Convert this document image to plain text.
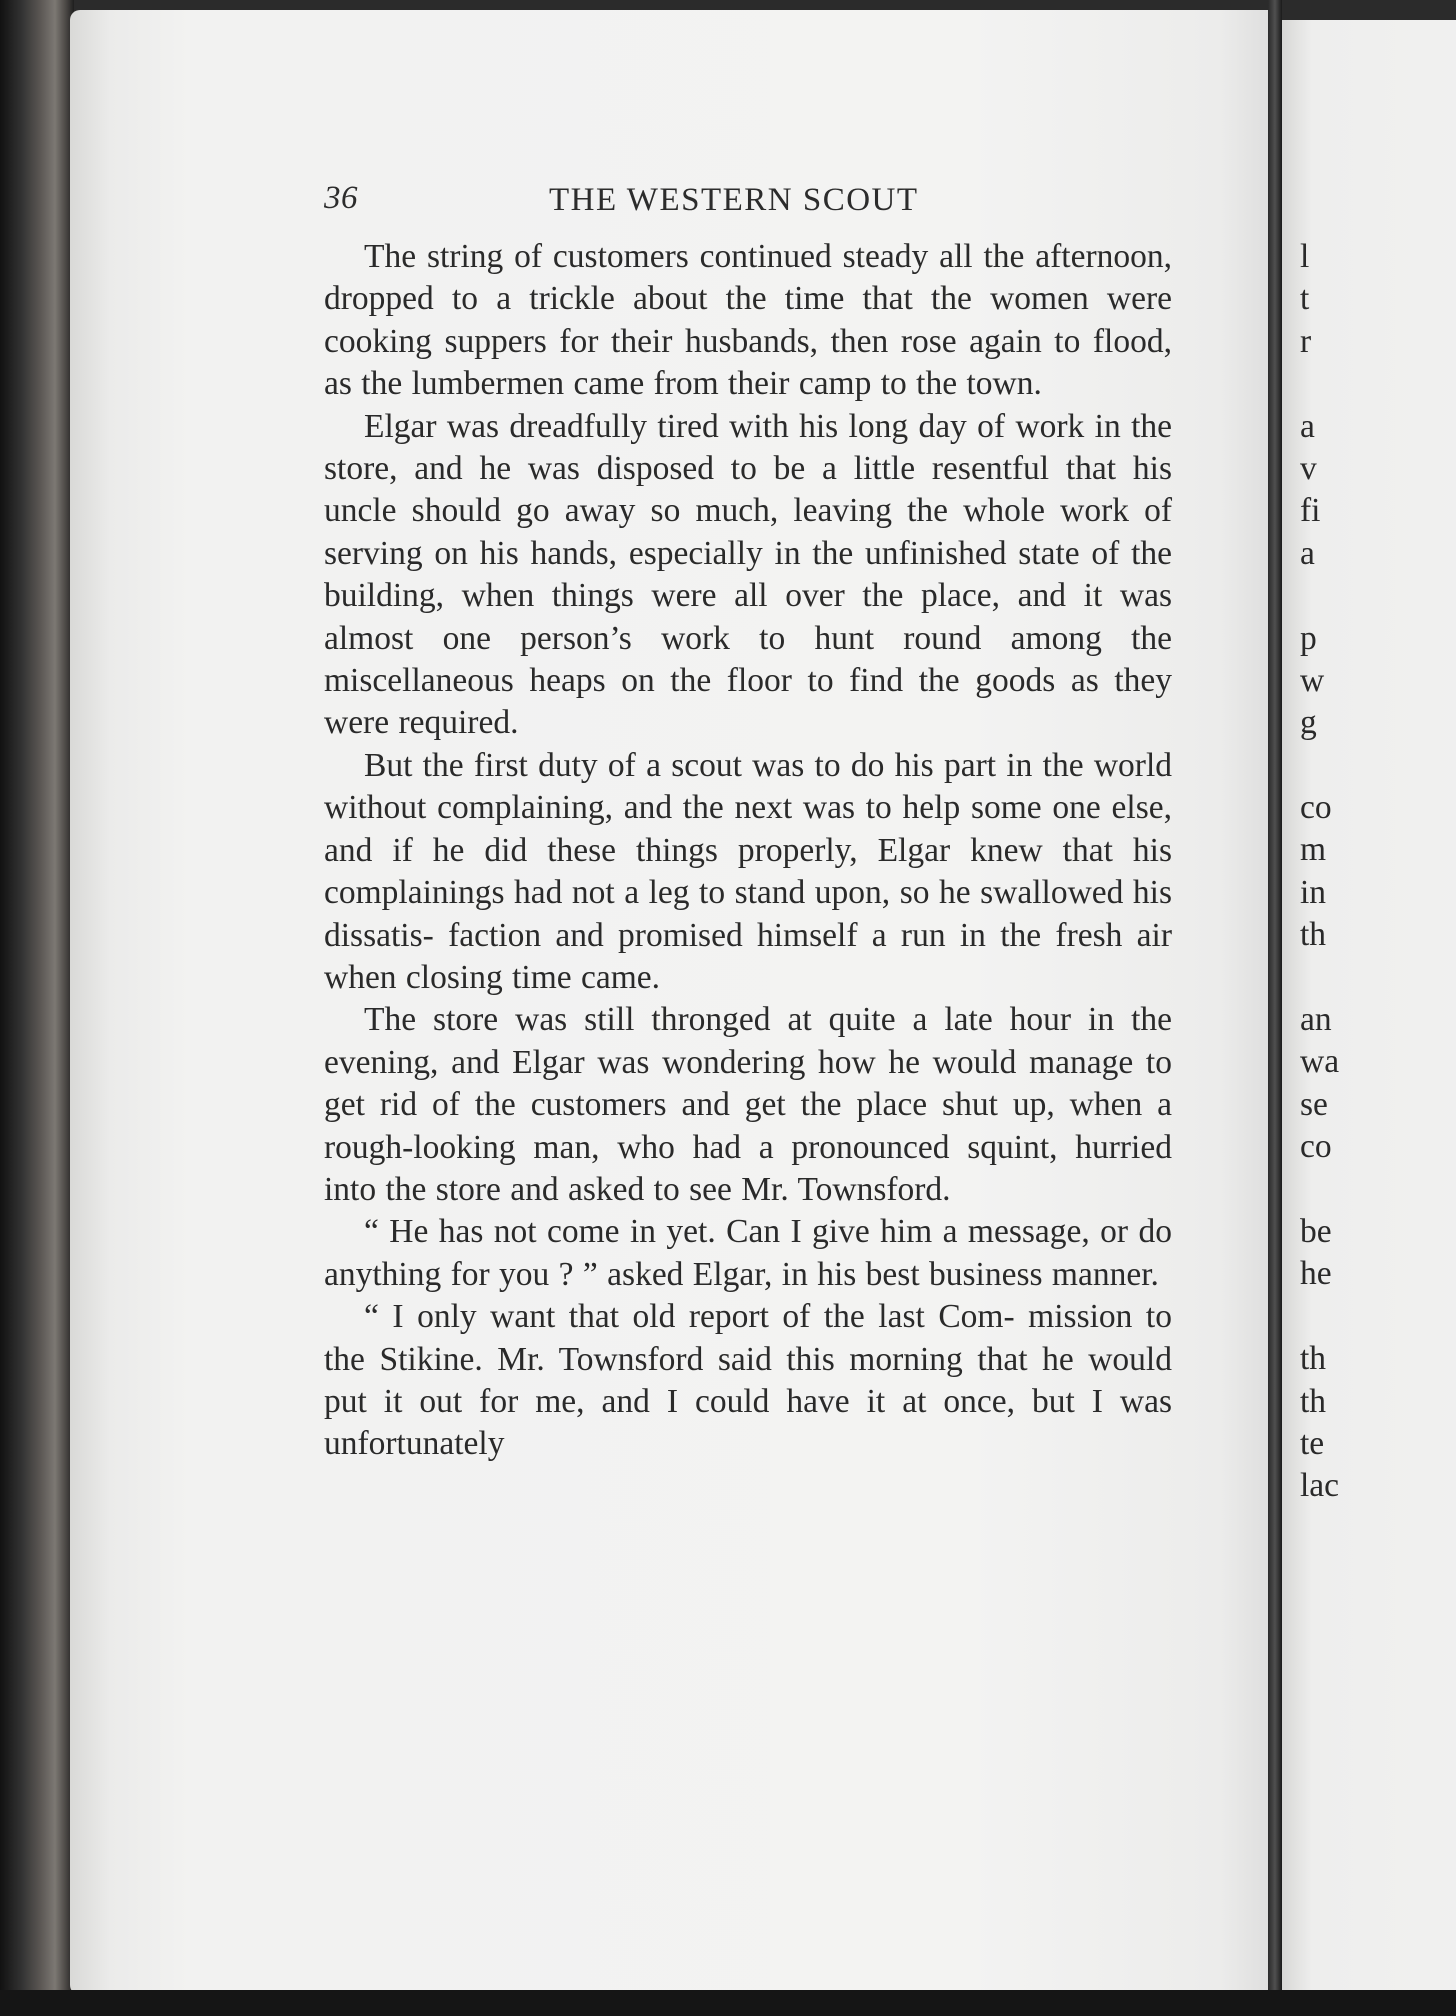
36	THE WESTERN SCOUT

The string of customers continued steady all the afternoon, dropped to a trickle about the time that the women were cooking suppers for their husbands, then rose again to flood, as the lumbermen came from their camp to the town.

Elgar was dreadfully tired with his long day of work in the store, and he was disposed to be a little resentful that his uncle should go away so much, leaving the whole work of serving on his hands, especially in the unfinished state of the building, when things were all over the place, and it was almost one person’s work to hunt round among the miscellaneous heaps on the floor to find the goods as they were required.

But the first duty of a scout was to do his part in the world without complaining, and the next was to help some one else, and if he did these things properly, Elgar knew that his complainings had not a leg to stand upon, so he swallowed his dissatis- faction and promised himself a run in the fresh air when closing time came.

The store was still thronged at quite a late hour in the evening, and Elgar was wondering how he would manage to get rid of the customers and get the place shut up, when a rough-looking man, who had a pronounced squint, hurried into the store and asked to see Mr. Townsford.

“ He has not come in yet. Can I give him a message, or do anything for you ? ” asked Elgar, in his best business manner.

“ I only want that old report of the last Com- mission to the Stikine. Mr. Townsford said this morning that he would put it out for me, and I could have it at once, but I was unfortunately

l
t
r
a
v
fi
a
p
w
g
co
m
in
th
an
wa
se
co
be
he
th
th
te
lac
